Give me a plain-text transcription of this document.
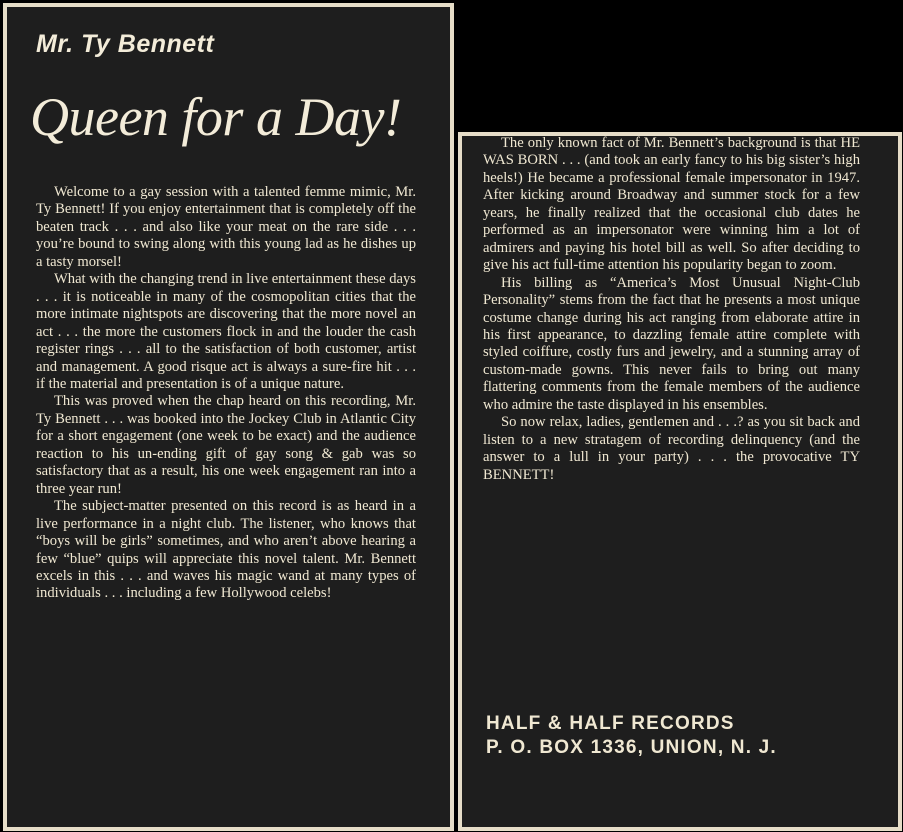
Mr. Ty Bennett
Queen for a Day!

Welcome to a gay session with a talented femme mimic, Mr. Ty Bennett! If you enjoy entertainment that is completely off the beaten track . . . and also like your meat on the rare side . . . you’re bound to swing along with this young lad as he dishes up a tasty morsel!

What with the changing trend in live entertainment these days . . . it is noticeable in many of the cosmopolitan cities that the more intimate nightspots are discovering that the more novel an act . . . the more the customers flock in and the louder the cash register rings . . . all to the satisfaction of both customer, artist and management. A good risque act is always a sure-fire hit . . . if the material and presentation is of a unique nature.

This was proved when the chap heard on this recording, Mr. Ty Bennett . . . was booked into the Jockey Club in Atlantic City for a short engagement (one week to be exact) and the audience reaction to his un-ending gift of gay song & gab was so satisfactory that as a result, his one week engagement ran into a three year run!

The subject-matter presented on this record is as heard in a live performance in a night club. The listener, who knows that “boys will be girls” sometimes, and who aren’t above hearing a few “blue” quips will appreciate this novel talent. Mr. Bennett excels in this . . . and waves his magic wand at many types of individuals . . . including a few Hollywood celebs!

The only known fact of Mr. Bennett’s background is that HE WAS BORN . . . (and took an early fancy to his big sister’s high heels!) He became a professional female impersonator in 1947. After kicking around Broadway and summer stock for a few years, he finally realized that the occasional club dates he performed as an impersonator were winning him a lot of admirers and paying his hotel bill as well. So after deciding to give his act full-time attention his popularity began to zoom.

His billing as “America’s Most Unusual Night-Club Personality” stems from the fact that he presents a most unique costume change during his act ranging from elaborate attire in his first appearance, to dazzling female attire complete with styled coiffure, costly furs and jewelry, and a stunning array of custom-made gowns. This never fails to bring out many flattering comments from the female members of the audience who admire the taste displayed in his ensembles.

So now relax, ladies, gentlemen and . . .? as you sit back and listen to a new stratagem of recording delinquency (and the answer to a lull in your party) . . . the provocative TY BENNETT!

HALF & HALF RECORDS
P. O. BOX 1336, UNION, N. J.
